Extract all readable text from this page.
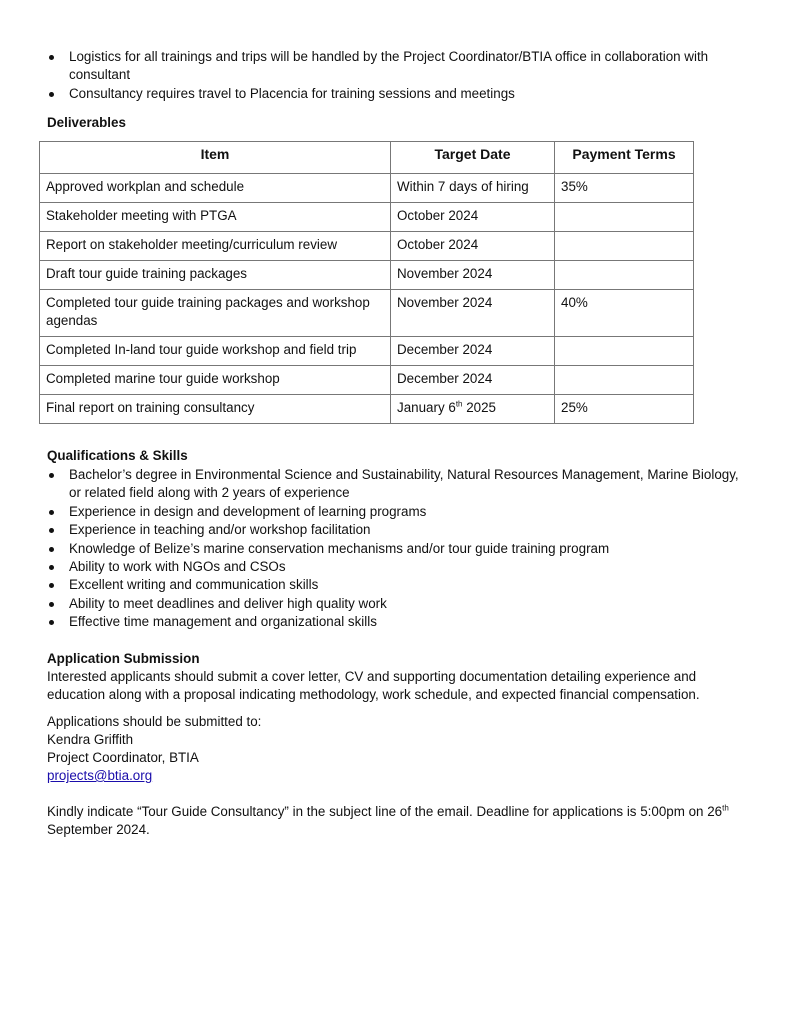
Logistics for all trainings and trips will be handled by the Project Coordinator/BTIA office in collaboration with consultant
Consultancy requires travel to Placencia for training sessions and meetings
Deliverables
Item	Target Date	Payment Terms
Approved workplan and schedule	Within 7 days of hiring	35%
Stakeholder meeting with PTGA	October 2024	
Report on stakeholder meeting/curriculum review	October 2024	
Draft tour guide training packages	November 2024	
Completed tour guide training packages and workshop agendas	November 2024	40%
Completed In-land tour guide workshop and field trip	December 2024	
Completed marine tour guide workshop	December 2024	
Final report on training consultancy	January 6th 2025	25%
Qualifications & Skills
Bachelor’s degree in Environmental Science and Sustainability, Natural Resources Management, Marine Biology, or related field along with 2 years of experience
Experience in design and development of learning programs
Experience in teaching and/or workshop facilitation
Knowledge of Belize’s marine conservation mechanisms and/or tour guide training program
Ability to work with NGOs and CSOs
Excellent writing and communication skills
Ability to meet deadlines and deliver high quality work
Effective time management and organizational skills
Application Submission
Interested applicants should submit a cover letter, CV and supporting documentation detailing experience and education along with a proposal indicating methodology, work schedule, and expected financial compensation.
Applications should be submitted to:
Kendra Griffith
Project Coordinator, BTIA
projects@btia.org
Kindly indicate “Tour Guide Consultancy” in the subject line of the email. Deadline for applications is 5:00pm on 26th September 2024.
